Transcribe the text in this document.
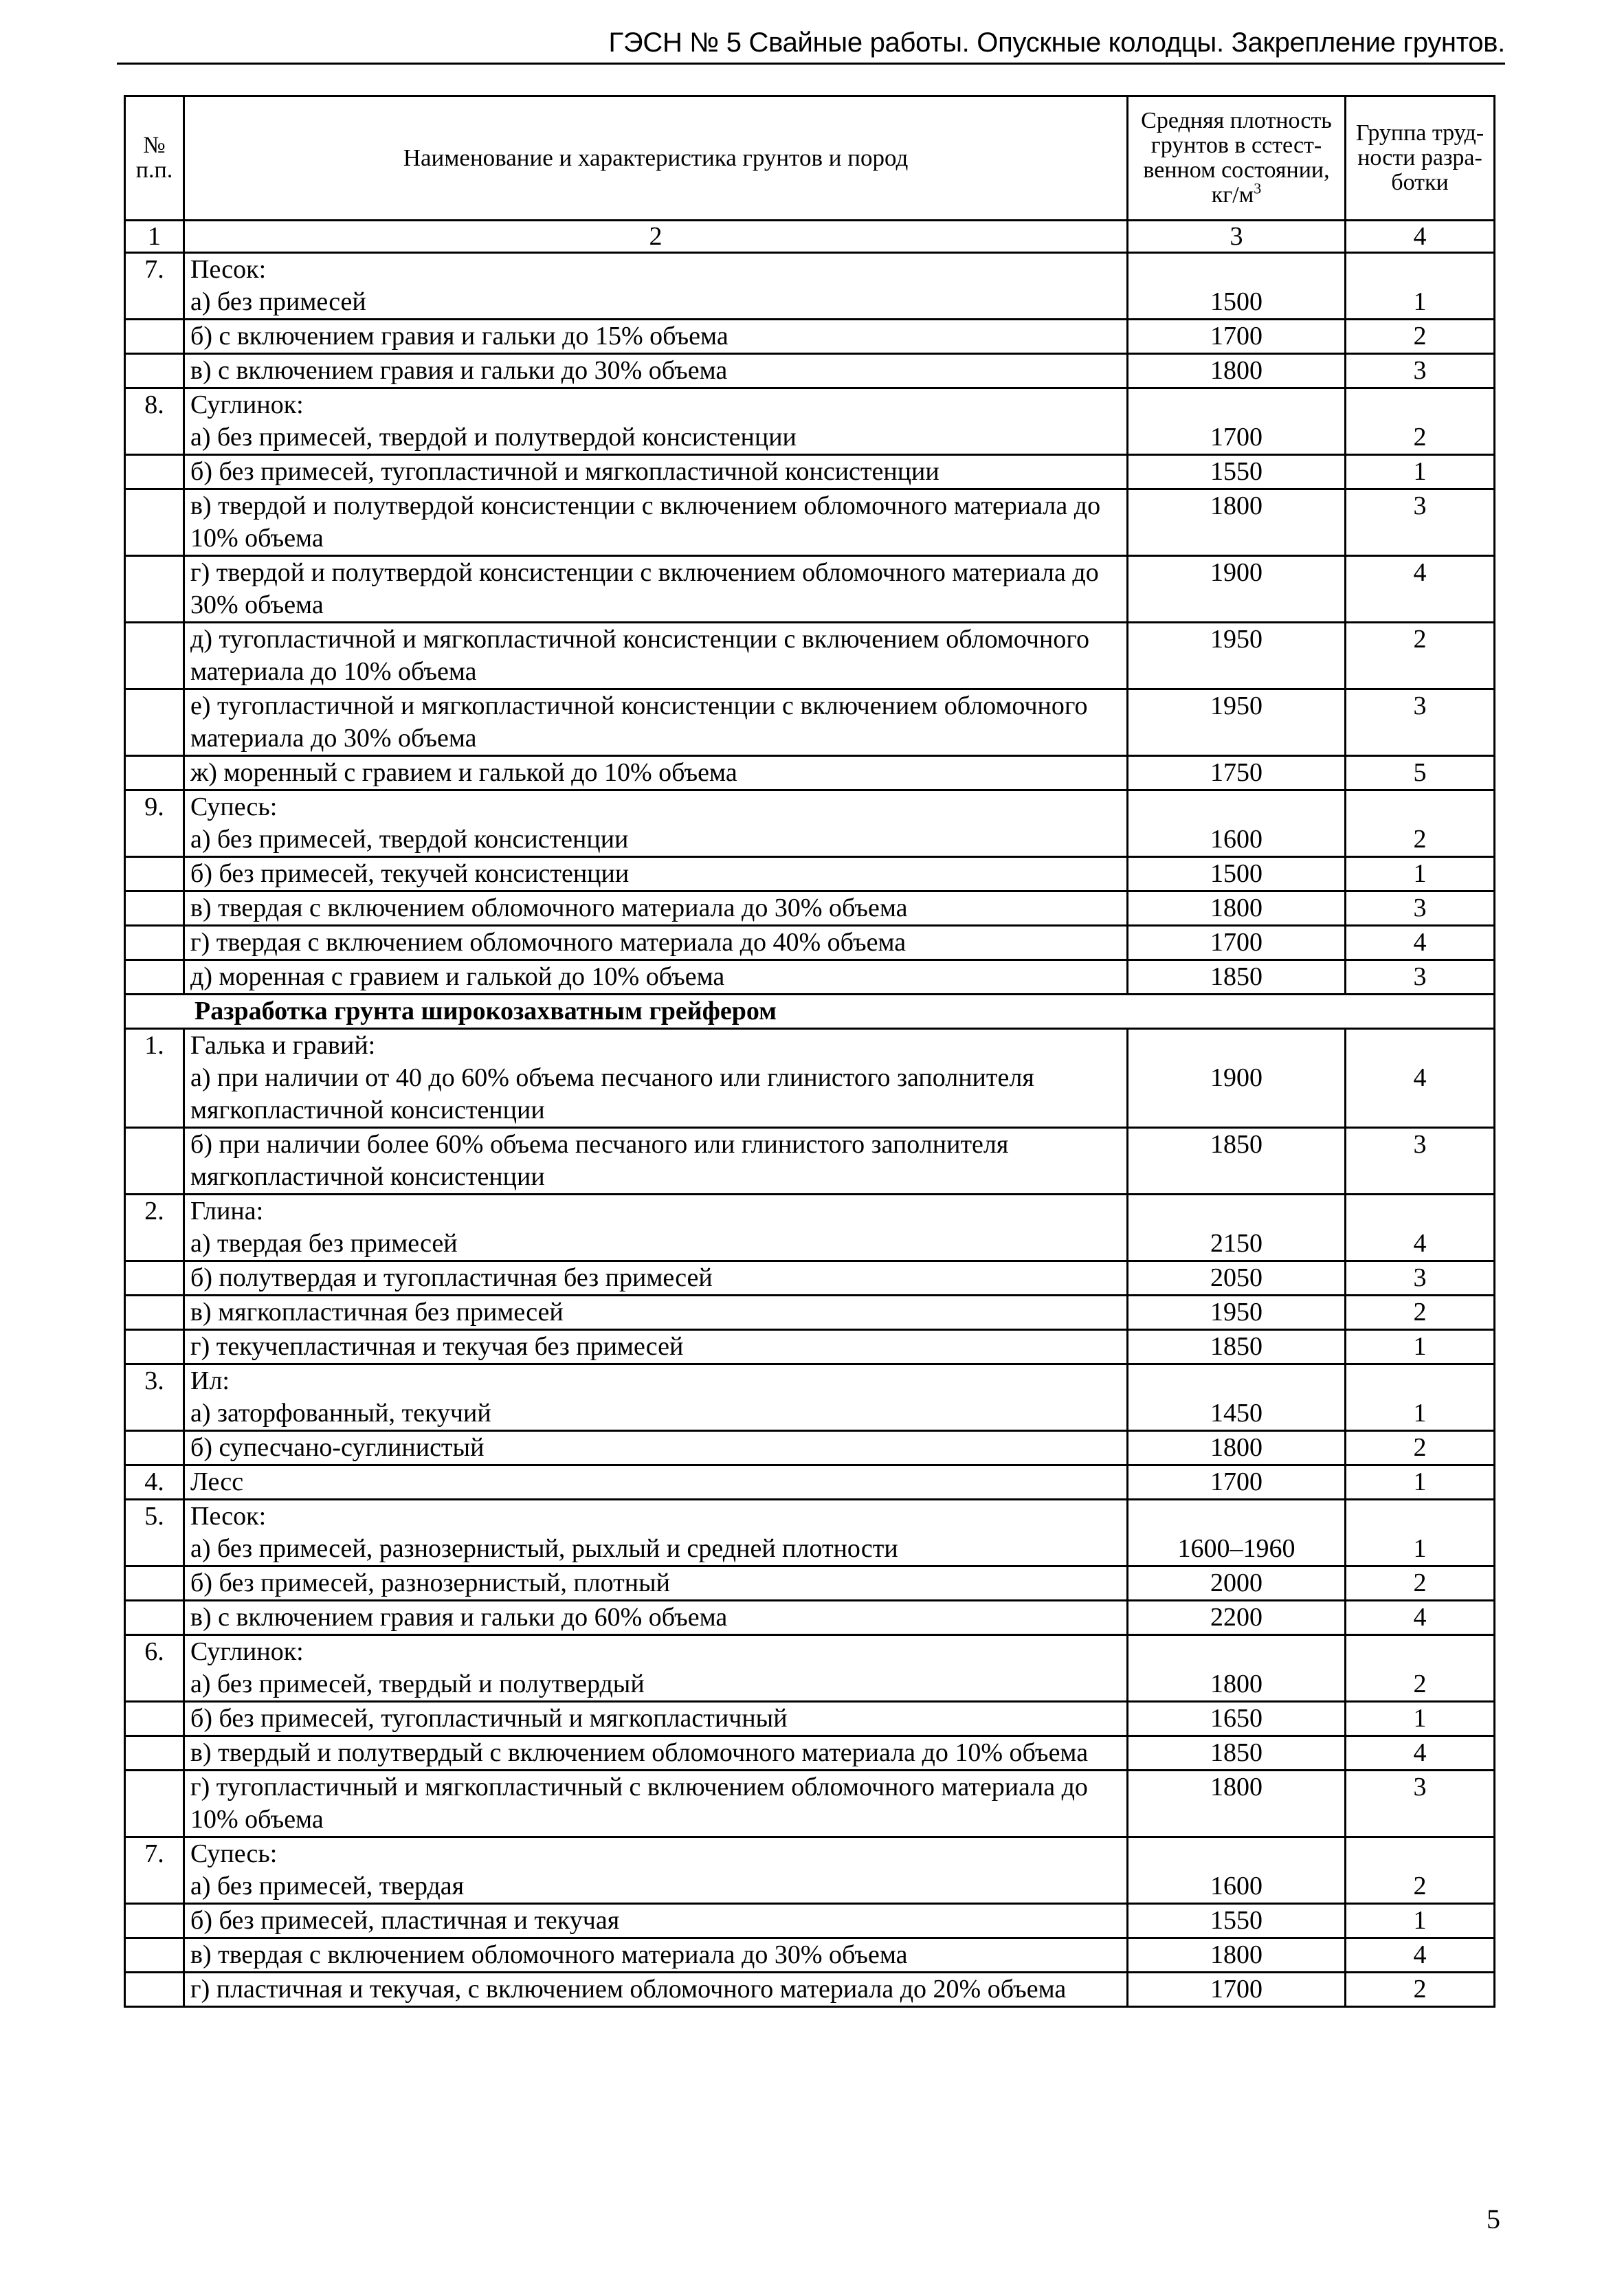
ГЭСН № 5 Свайные работы. Опускные колодцы. Закрепление грунтов.
№ п.п.	Наименование и характеристика грунтов и пород	Средняя плотность грунтов в сcтест-венном состоянии, $кг/м^3$	Группа труд-ности разра-ботки
1	2	3	4
7.	Песок:		
	а) без примесей	1500	1
	б) с включением гравия и гальки до 15% объема	1700	2
	в) с включением гравия и гальки до 30% объема	1800	3
8.	Суглинок:		
	а) без примесей, твердой и полутвердой консистенции	1700	2
	б) без примесей, тугопластичной и мягкопластичной консистенции	1550	1
	в) твердой и полутвердой консистенции с включением обломочного материала до 10% объема	1800	3
	г) твердой и полутвердой консистенции с включением обломочного материала до 30% объема	1900	4
	д) тугопластичной и мягкопластичной консистенции с включением обломочного материала до 10% объема	1950	2
	е) тугопластичной и мягкопластичной консистенции с включением обломочного материала до 30% объема	1950	3
	ж) моренный с гравием и галькой до 10% объема	1750	5
9.	Супесь:		
	а) без примесей, твердой консистенции	1600	2
	б) без примесей, текучей консистенции	1500	1
	в) твердая с включением обломочного материала до 30% объема	1800	3
	г) твердая с включением обломочного материала до 40% объема	1700	4
	д) моренная с гравием и галькой до 10% объема	1850	3
Разработка грунта широкозахватным грейфером			
1.	Галька и гравий:		
	а) при наличии от 40 до 60% объема песчаного или глинистого заполнителя мягкопластичной консистенции	1900	4
	б) при наличии более 60% объема песчаного или глинистого заполнителя мягкопластичной консистенции	1850	3
2.	Глина:		
	а) твердая без примесей	2150	4
	б) полутвердая и тугопластичная без примесей	2050	3
	в) мягкопластичная без примесей	1950	2
	г) текучепластичная и текучая без примесей	1850	1
3.	Ил:		
	а) заторфованный, текучий	1450	1
	б) супесчано-суглинистый	1800	2
4.	Лесс	1700	1
5.	Песок:		
	а) без примесей, разнозернистый, рыхлый и средней плотности	1600–1960	1
	б) без примесей, разнозернистый, плотный	2000	2
	в) с включением гравия и гальки до 60% объема	2200	4
6.	Суглинок:		
	а) без примесей, твердый и полутвердый	1800	2
	б) без примесей, тугопластичный и мягкопластичный	1650	1
	в) твердый и полутвердый с включением обломочного материала до 10% объема	1850	4
	г) тугопластичный и мягкопластичный с включением обломочного материала до 10% объема	1800	3
7.	Супесь:		
	а) без примесей, твердая	1600	2
	б) без примесей, пластичная и текучая	1550	1
	в) твердая с включением обломочного материала до 30% объема	1800	4
	г) пластичная и текучая, с включением обломочного материала до 20% объема	1700	2
5
